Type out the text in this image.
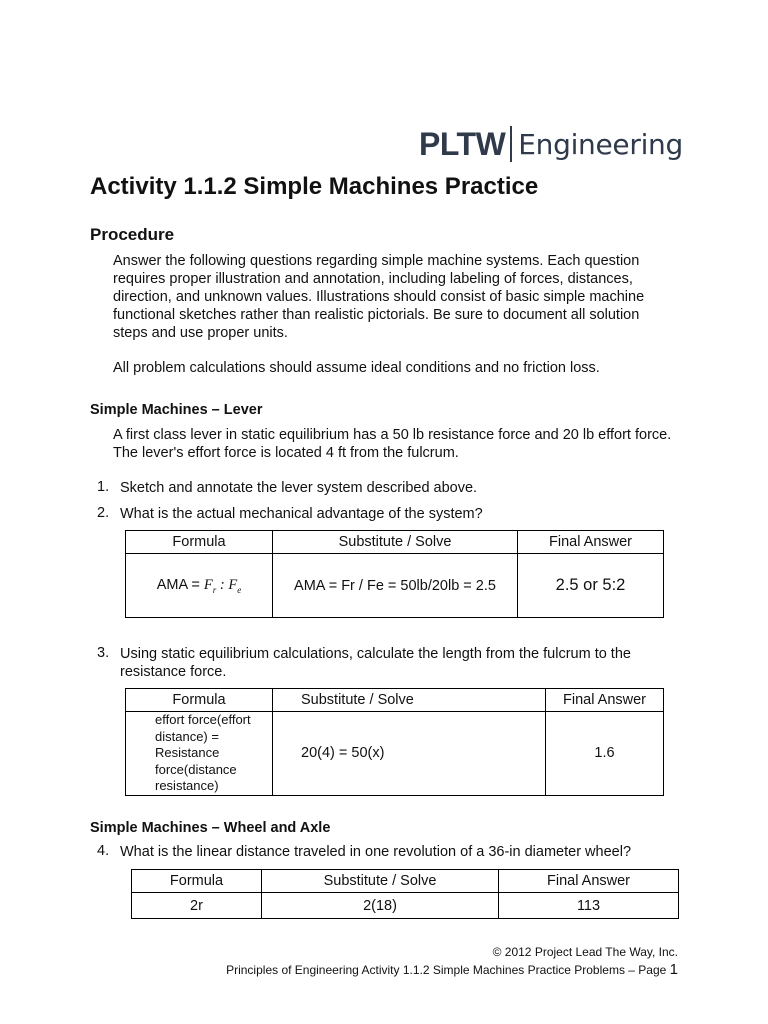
PLTW Engineering
Activity 1.1.2 Simple Machines Practice
Procedure

Answer the following questions regarding simple machine systems. Each question requires proper illustration and annotation, including labeling of forces, distances, direction, and unknown values. Illustrations should consist of basic simple machine functional sketches rather than realistic pictorials. Be sure to document all solution steps and use proper units.

All problem calculations should assume ideal conditions and no friction loss.

Simple Machines – Lever

A first class lever in static equilibrium has a 50 lb resistance force and 20 lb effort force. The lever's effort force is located 4 ft from the fulcrum.

1. Sketch and annotate the lever system described above.
2. What is the actual mechanical advantage of the system?
Formula	Substitute / Solve	Final Answer
AMA = $F_r$ : $F_e$	AMA = Fr / Fe = 50lb/20lb = 2.5	2.5 or 5:2
3. Using static equilibrium calculations, calculate the length from the fulcrum to the resistance force.
Formula	Substitute / Solve	Final Answer

effort force(effort
distance) =
Resistance
force(distance
resistance)	20(4) = 50(x)	1.6
Simple Machines – Wheel and Axle
4. What is the linear distance traveled in one revolution of a 36-in diameter wheel?
Formula	Substitute / Solve	Final Answer
2r	2(18)	113
© 2012 Project Lead The Way, Inc.
Principles of Engineering Activity 1.1.2 Simple Machines Practice Problems – Page 1
